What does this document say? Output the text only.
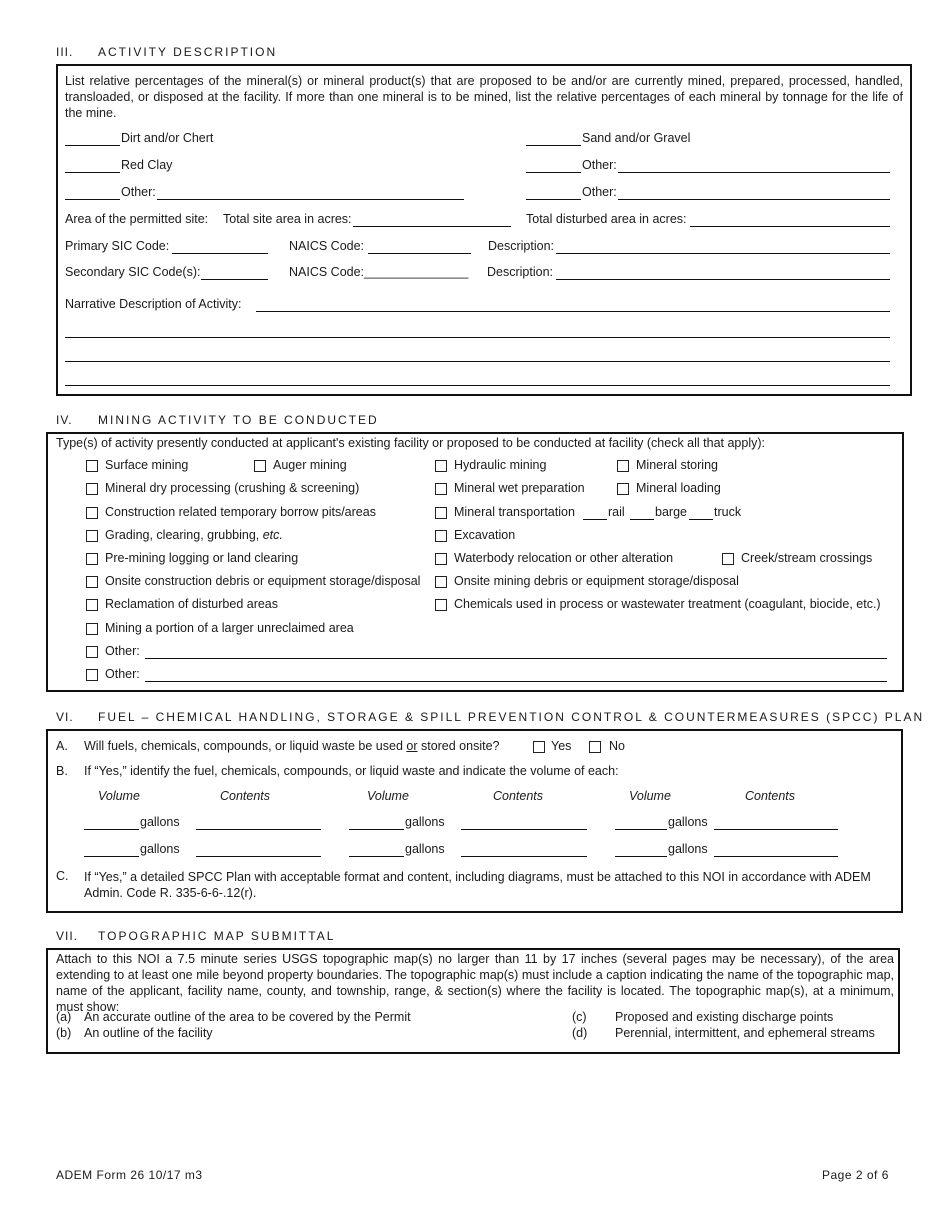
III. ACTIVITY DESCRIPTION
List relative percentages of the mineral(s) or mineral product(s) that are proposed to be and/or are currently mined, prepared, processed, handled, transloaded, or disposed at the facility. If more than one mineral is to be mined, list the relative percentages of each mineral by tonnage for the life of the mine.
Dirt and/or Chert	Sand and/or Gravel
Red Clay	Other:
Other:	Other:
Area of the permitted site: Total site area in acres:	Total disturbed area in acres:
Primary SIC Code:	NAICS Code:	Description:
Secondary SIC Code(s):	NAICS Code:_______________ Description:
Narrative Description of Activity:
IV. MINING ACTIVITY TO BE CONDUCTED
Type(s) of activity presently conducted at applicant's existing facility or proposed to be conducted at facility (check all that apply):
Surface mining	Auger mining	Hydraulic mining	Mineral storing
Mineral dry processing (crushing & screening)	Mineral wet preparation	Mineral loading
Construction related temporary borrow pits/areas	Mineral transportation	rail barge truck
Grading, clearing, grubbing, etc.	Excavation
Pre-mining logging or land clearing	Waterbody relocation or other alteration	Creek/stream crossings
Onsite construction debris or equipment storage/disposal	Onsite mining debris or equipment storage/disposal
Reclamation of disturbed areas	Chemicals used in process or wastewater treatment (coagulant, biocide, etc.)
Mining a portion of a larger unreclaimed area
Other:
Other:
VI. FUEL – CHEMICAL HANDLING, STORAGE & SPILL PREVENTION CONTROL & COUNTERMEASURES (SPCC) PLAN
A. Will fuels, chemicals, compounds, or liquid waste be used or stored onsite?	Yes	No
B. If “Yes,” identify the fuel, chemicals, compounds, or liquid waste and indicate the volume of each:
Volume	Contents	Volume	Contents	Volume	Contents
gallons	gallons	gallons
gallons	gallons	gallons
C. If “Yes,” a detailed SPCC Plan with acceptable format and content, including diagrams, must be attached to this NOI in accordance with ADEM Admin. Code R. 335-6-6-.12(r).
VII. TOPOGRAPHIC MAP SUBMITTAL
Attach to this NOI a 7.5 minute series USGS topographic map(s) no larger than 11 by 17 inches (several pages may be necessary), of the area extending to at least one mile beyond property boundaries. The topographic map(s) must include a caption indicating the name of the topographic map, name of the applicant, facility name, county, and township, range, & section(s) where the facility is located. The topographic map(s), at a minimum, must show:
(a) An accurate outline of the area to be covered by the Permit
(b) An outline of the facility
(c) Proposed and existing discharge points
(d) Perennial, intermittent, and ephemeral streams
ADEM Form 26 10/17 m3	Page 2 of 6
